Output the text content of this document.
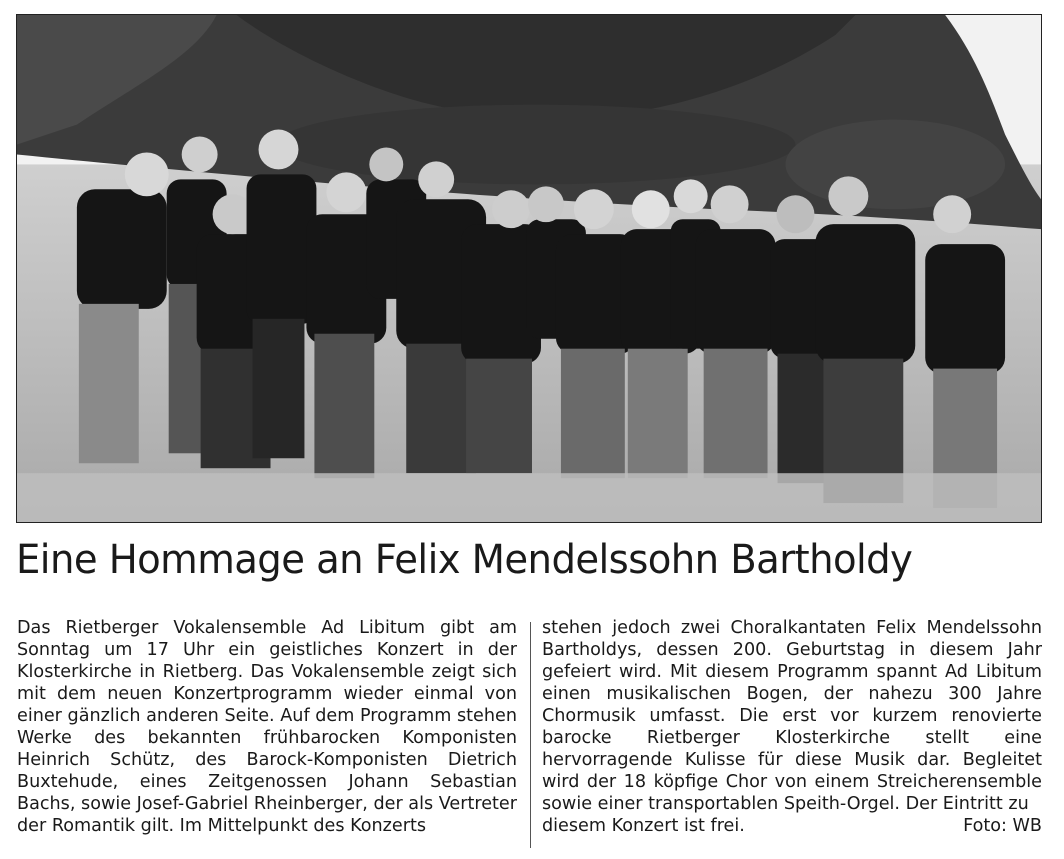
Eine Hommage an Felix Mendelssohn Bartholdy

Das Rietberger Vokalensemble Ad Libitum gibt am Sonntag um 17 Uhr ein geistliches Konzert in der Klosterkirche in Rietberg. Das Vokalensemble zeigt sich mit dem neuen Konzertprogramm wieder einmal von einer gänzlich anderen Seite. Auf dem Programm stehen Werke des bekannten frühbarocken Komponisten Heinrich Schütz, des Barock-Komponisten Dietrich Buxtehude, eines Zeitgenossen Johann Sebastian Bachs, sowie Josef-Gabriel Rheinberger, der als Vertreter der Romantik gilt. Im Mittelpunkt des Konzerts

stehen jedoch zwei Choralkantaten Felix Mendelssohn Bartholdys, dessen 200. Geburtstag in diesem Jahr gefeiert wird. Mit diesem Programm spannt Ad Libitum einen musikalischen Bogen, der nahezu 300 Jahre Chormusik umfasst. Die erst vor kurzem renovierte barocke Rietberger Klosterkirche stellt eine hervorragende Kulisse für diese Musik dar. Begleitet wird der 18 köpfige Chor von einem Streicherensemble sowie einer transportablen Speith-Orgel. Der Eintritt zu

diesem Konzert ist frei.	Foto: WB
